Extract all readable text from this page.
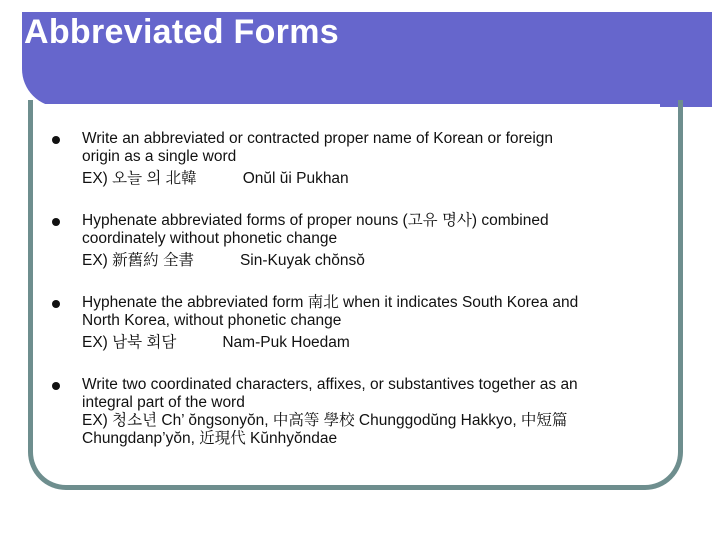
Abbreviated Forms
Write an abbreviated or contracted proper name of Korean or foreign
origin as a single word
EX) 오늘 의 北韓	Onŭl ŭi Pukhan
Hyphenate abbreviated forms of proper nouns (고유 명사) combined
coordinately without phonetic change
EX) 新舊約 全書	Sin-Kuyak chŏnsŏ
Hyphenate the abbreviated form 南北 when it indicates South Korea and
North Korea, without phonetic change
EX) 남북 회담	Nam-Puk Hoedam
Write two coordinated characters, affixes, or substantives together as an
integral part of the word
EX) 청소년 Ch’ ŏngsonyŏn, 中高等 學校 Chunggodŭng Hakkyo, 中短篇
Chungdanp’yŏn, 近現代 Kŭnhyŏndae
